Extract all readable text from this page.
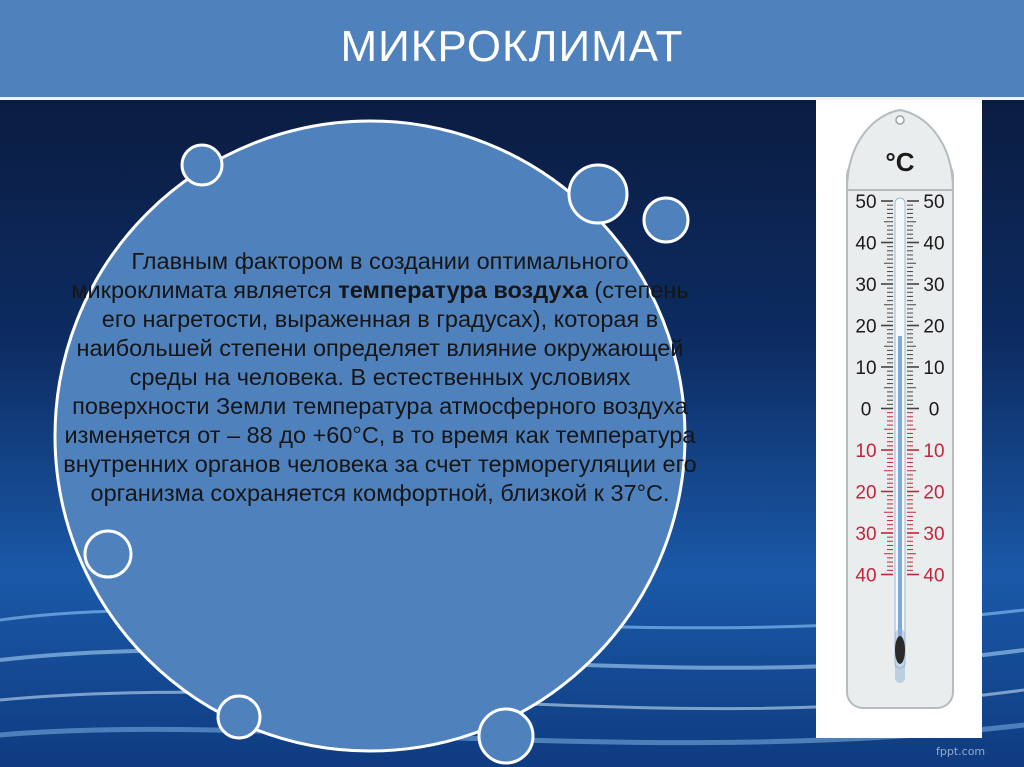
МИКРОКЛИМАТ
Главным фактором в создании оптимального микроклимата является температура воздуха (степень его нагретости, выраженная в градусах), которая в наибольшей степени определяет влияние окружающей среды на человека. В естественных условиях поверхности Земли температура атмосферного воздуха изменяется от – 88 до +60°С, в то время как температура внутренних органов человека за счет терморегуляции его организма сохраняется комфортной, близкой к 37°С.
°C
50 50
40 40
30 30
20 20
10 10
0	0
10 10
20 20
30 30
40 40
fppt.com
